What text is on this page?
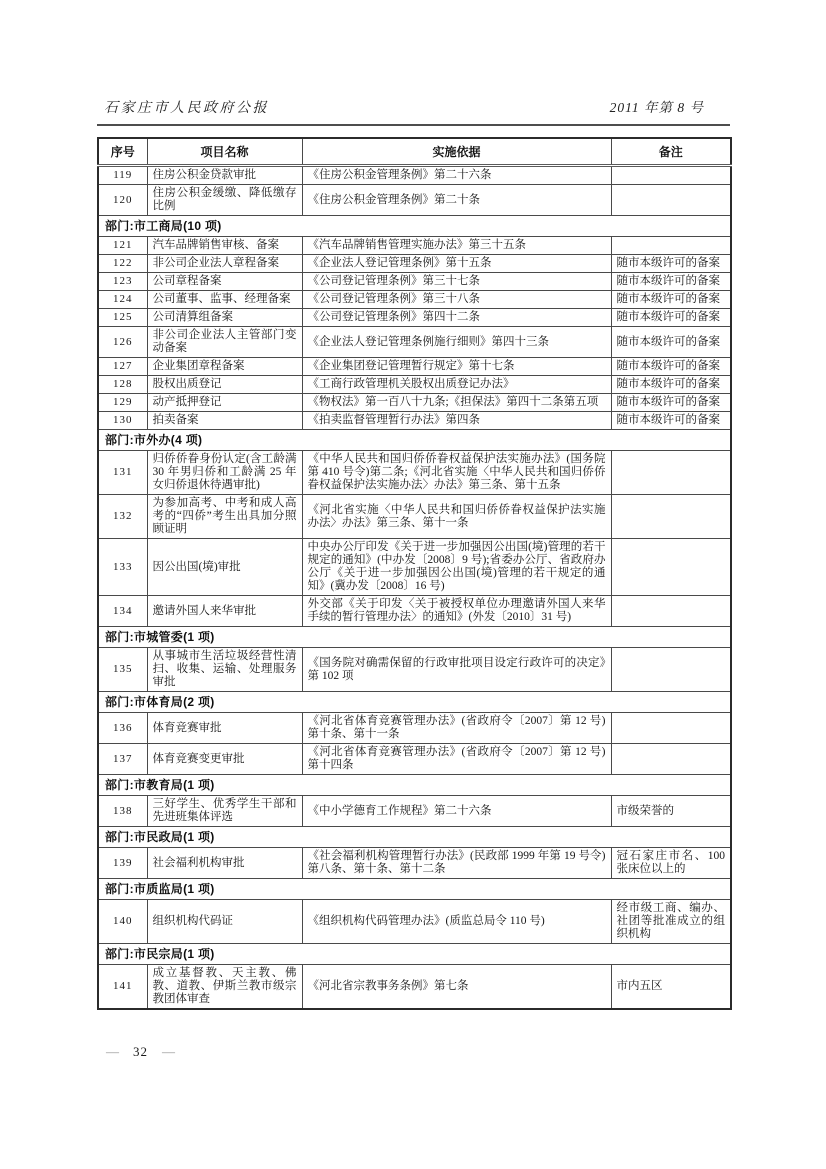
石家庄市人民政府公报	2011 年第 8 号
序号	项目名称	实施依据	备注
119	住房公积金贷款审批	《住房公积金管理条例》第二十六条	
120	住房公积金缓缴、降低缴存比例	《住房公积金管理条例》第二十条	
部门:市工商局(10 项)			
121	汽车品牌销售审核、备案	《汽车品牌销售管理实施办法》第三十五条	
122	非公司企业法人章程备案	《企业法人登记管理条例》第十五条	随市本级许可的备案
123	公司章程备案	《公司登记管理条例》第三十七条	随市本级许可的备案
124	公司董事、监事、经理备案	《公司登记管理条例》第三十八条	随市本级许可的备案
125	公司清算组备案	《公司登记管理条例》第四十二条	随市本级许可的备案
126	非公司企业法人主管部门变动备案	《企业法人登记管理条例施行细则》第四十三条	随市本级许可的备案
127	企业集团章程备案	《企业集团登记管理暂行规定》第十七条	随市本级许可的备案
128	股权出质登记	《工商行政管理机关股权出质登记办法》	随市本级许可的备案
129	动产抵押登记	《物权法》第一百八十九条;《担保法》第四十二条第五项	随市本级许可的备案
130	拍卖备案	《拍卖监督管理暂行办法》第四条	随市本级许可的备案
部门:市外办(4 项)			
131	归侨侨眷身份认定(含工龄满 30 年男归侨和工龄满 25 年女归侨退休待遇审批)	《中华人民共和国归侨侨眷权益保护法实施办法》(国务院第 410 号令)第二条;《河北省实施〈中华人民共和国归侨侨眷权益保护法实施办法〉办法》第三条、第十五条	
132	为参加高考、中考和成人高考的“四侨”考生出具加分照顾证明	《河北省实施〈中华人民共和国归侨侨眷权益保护法实施办法〉办法》第三条、第十一条	
133	因公出国(境)审批	中央办公厅印发《关于进一步加强因公出国(境)管理的若干规定的通知》(中办发〔2008〕9 号);省委办公厅、省政府办公厅《关于进一步加强因公出国(境)管理的若干规定的通知》(冀办发〔2008〕16 号)	
134	邀请外国人来华审批	外交部《关于印发〈关于被授权单位办理邀请外国人来华手续的暂行管理办法〉的通知》(外发〔2010〕31 号)	
部门:市城管委(1 项)			
135	从事城市生活垃圾经营性清扫、收集、运输、处理服务审批	《国务院对确需保留的行政审批项目设定行政许可的决定》第 102 项	
部门:市体育局(2 项)			
136	体育竞赛审批	《河北省体育竞赛管理办法》(省政府令〔2007〕第 12 号)第十条、第十一条	
137	体育竞赛变更审批	《河北省体育竞赛管理办法》(省政府令〔2007〕第 12 号)第十四条	
部门:市教育局(1 项)			
138	三好学生、优秀学生干部和先进班集体评选	《中小学德育工作规程》第二十六条	市级荣誉的
部门:市民政局(1 项)			
139	社会福利机构审批	《社会福利机构管理暂行办法》(民政部 1999 年第 19 号令)第八条、第十条、第十二条	冠石家庄市名、100 张床位以上的
部门:市质监局(1 项)			
140	组织机构代码证	《组织机构代码管理办法》(质监总局令 110 号)	经市级工商、编办、社团等批准成立的组织机构
部门:市民宗局(1 项)			
141	成立基督教、天主教、佛教、道教、伊斯兰教市级宗教团体审查	《河北省宗教事务条例》第七条	市内五区
— 32 —
